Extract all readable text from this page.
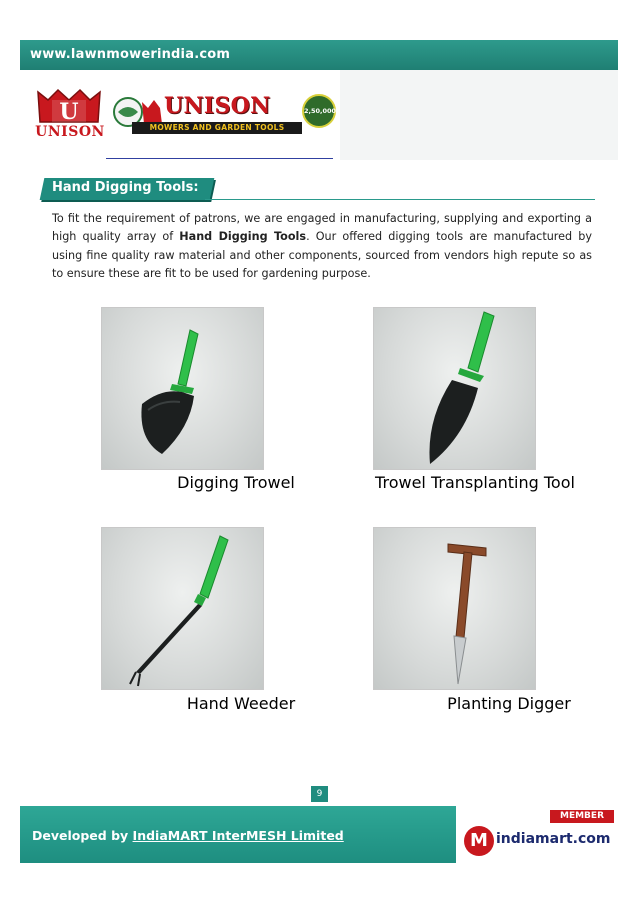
www.lawnmowerindia.com
U
UNISON
UNISON
MOWERS AND GARDEN TOOLS
2,50,000
Hand Digging Tools:

To fit the requirement of patrons, we are engaged in manufacturing, supplying and exporting a high quality array of Hand Digging Tools. Our offered digging tools are manufactured by using fine quality raw material and other components, sourced from vendors high repute so as to ensure these are fit to be used for gardening purpose.

Digging Trowel	Trowel Transplanting Tool
Hand Weeder	Planting Digger
9
Developed by IndiaMART InterMESH Limited
MEMBER
M indiamart.com
